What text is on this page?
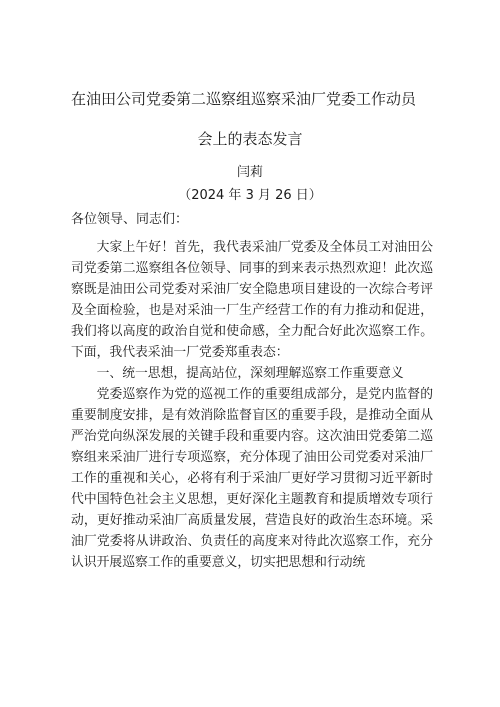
在油田公司党委第二巡察组巡察采油厂党委工作动员
会上的表态发言
闫莉
（2024 年 3 月 26 日）
各位领导、同志们：

大家上午好！首先，我代表采油厂党委及全体员工对油田公司党委第二巡察组各位领导、同事的到来表示热烈欢迎！此次巡察既是油田公司党委对采油厂安全隐患项目建设的一次综合考评及全面检验，也是对采油一厂生产经营工作的有力推动和促进，我们将以高度的政治自觉和使命感，全力配合好此次巡察工作。下面，我代表采油一厂党委郑重表态：

一、统一思想，提高站位，深刻理解巡察工作重要意义

党委巡察作为党的巡视工作的重要组成部分，是党内监督的重要制度安排，是有效消除监督盲区的重要手段，是推动全面从严治党向纵深发展的关键手段和重要内容。这次油田党委第二巡察组来采油厂进行专项巡察，充分体现了油田公司党委对采油厂工作的重视和关心，必将有利于采油厂更好学习贯彻习近平新时代中国特色社会主义思想，更好深化主题教育和提质增效专项行动，更好推动采油厂高质量发展，营造良好的政治生态环境。采油厂党委将从讲政治、负责任的高度来对待此次巡察工作，充分认识开展巡察工作的重要意义，切实把思想和行动统
